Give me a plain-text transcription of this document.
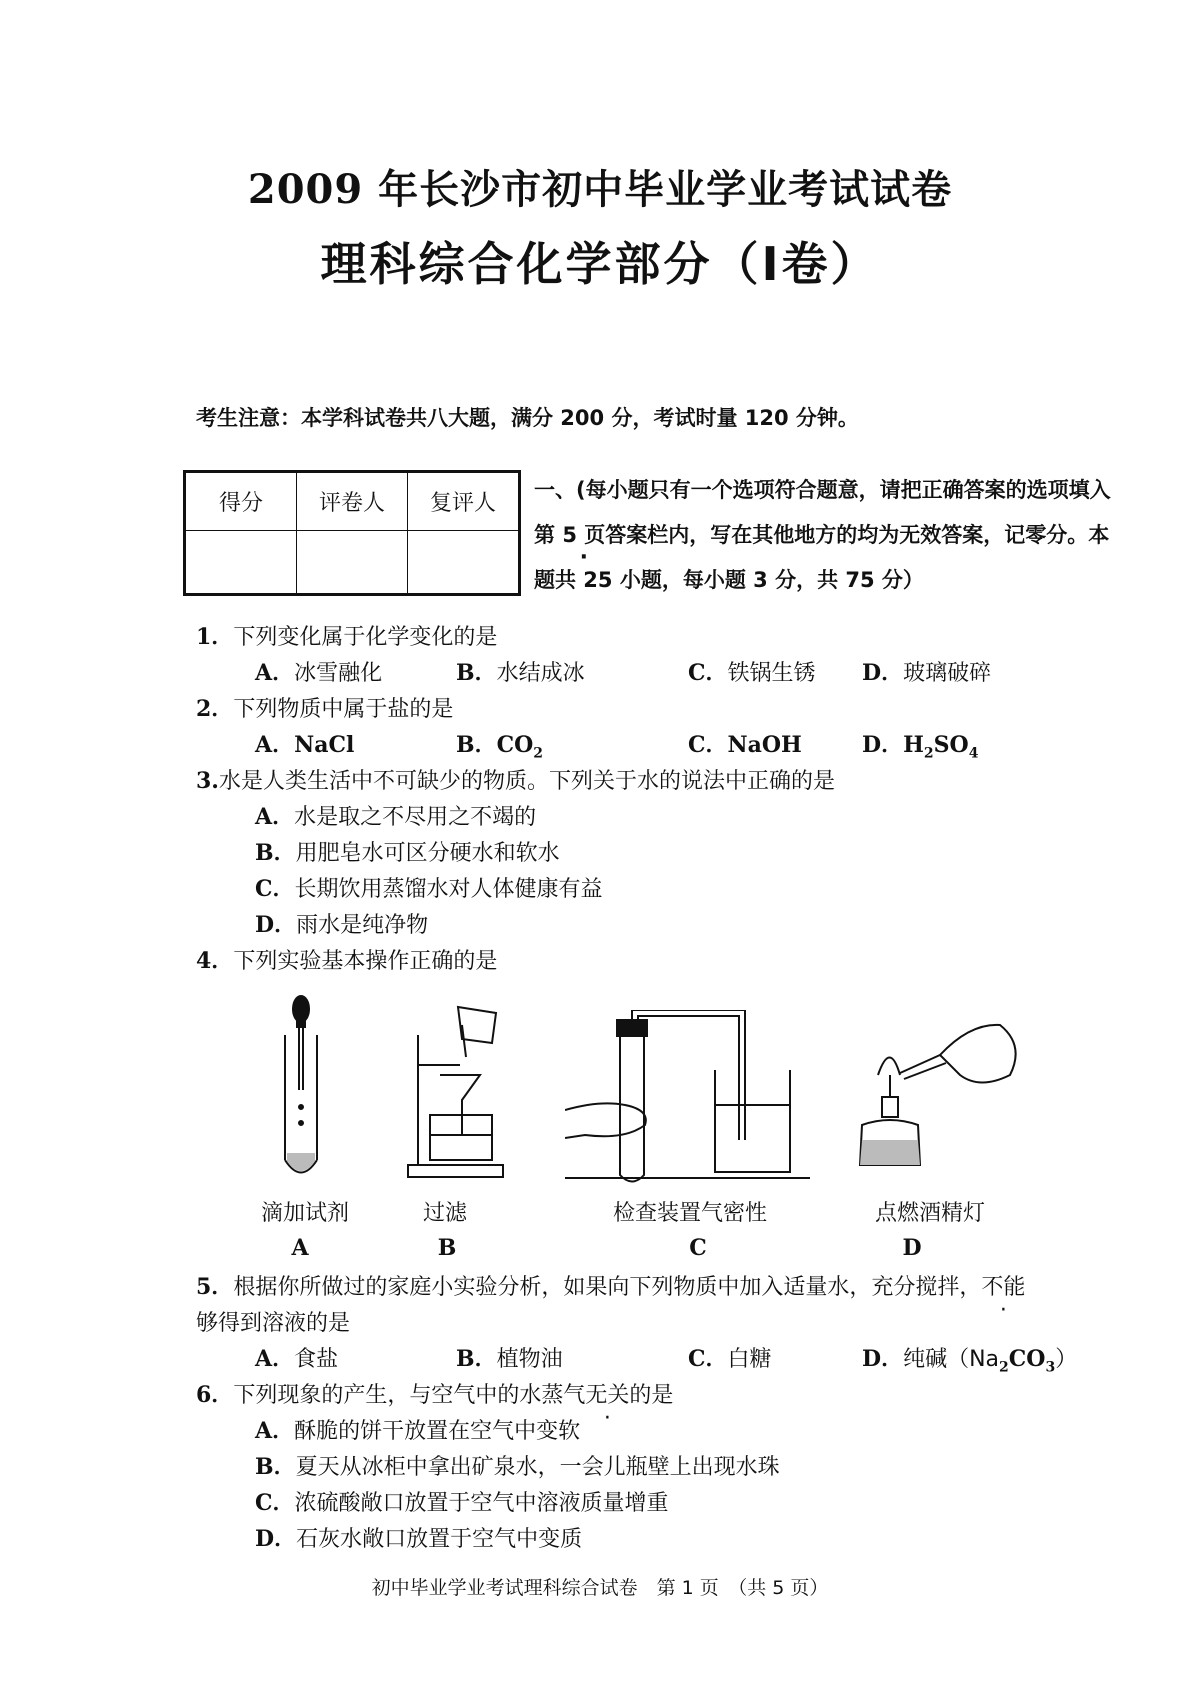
2009 年长沙市初中毕业学业考试试卷
理科综合化学部分（Ⅰ卷）
考生注意：本学科试卷共八大题，满分 200 分，考试时量 120 分钟。
得分	评卷人	复评人

一、(每小题只有一个选项符合题意，请把正确答案的选项填入第 5 页 ·答案栏内，写在其他地方的均为无效答案，记零分。本题共 25 小题，每小题 3 分，共 75 分）
1．下列变化属于化学变化的是
A．冰雪融化	B．水结成冰	C．铁锅生锈 D．玻璃破碎
2．下列物质中属于盐的是
A．NaCl	B．$CO_2$	C．NaOH	D．$H_2SO_4$
3.水是人类生活中不可缺少的物质。下列关于水的说法中正确的是
A．水是取之不尽用之不竭的
B．用肥皂水可区分硬水和软水
C．长期饮用蒸馏水对人体健康有益
D．雨水是纯净物
4．下列实验基本操作正确的是
滴加试剂	过滤	检查装置气密性	点燃酒精灯
A	B	C	D
5．根据你所做过的家庭小实验分析，如果向下列物质中加入适量水，充分搅拌，不能
够得到溶液的是
A．食盐	B．植物油	C．白糖	D．纯碱$(Na_2CO_3)$
6．下列现象的产生，与空气中的水蒸气无关的是
A．酥脆的饼干放置在空气中变软
B．夏天从冰柜中拿出矿泉水，一会儿瓶壁上出现水珠
C．浓硫酸敞口放置于空气中溶液质量增重
D．石灰水敞口放置于空气中变质
初中毕业学业考试理科综合试卷　第 1 页　（共 5 页）
